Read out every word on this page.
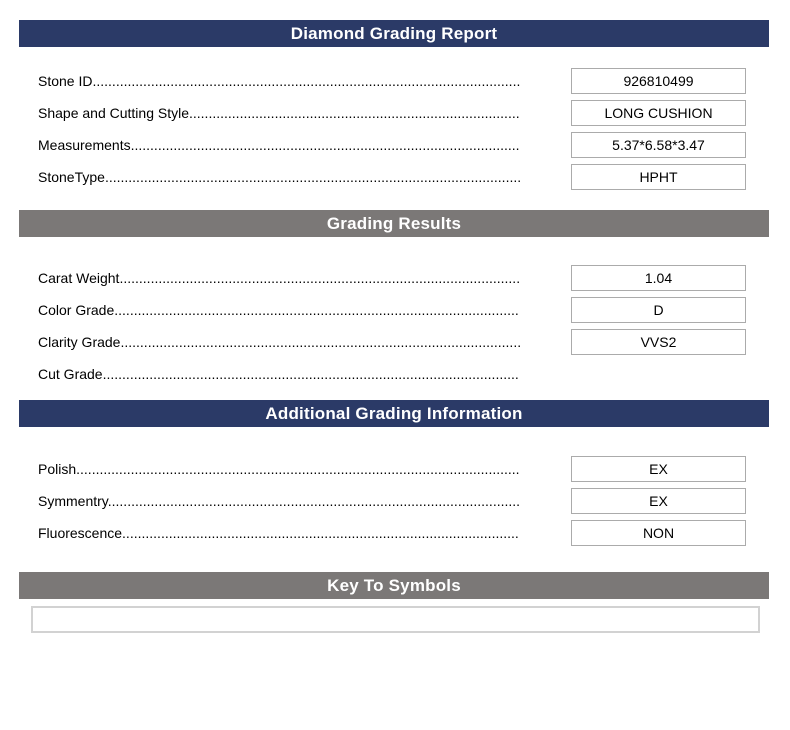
Diamond Grading Report
Stone ID .....	926810499
Shape and Cutting Style .....	LONG CUSHION
Measurements .....	5.37*6.58*3.47
StoneType .....	HPHT
Grading Results
Carat Weight .....	1.04
Color Grade .....	D
Clarity Grade .....	VVS2
Cut Grade .....
Additional Grading Information
Polish .....	EX
Symmentry .....	EX
Fluorescence .....	NON
Key To Symbols
